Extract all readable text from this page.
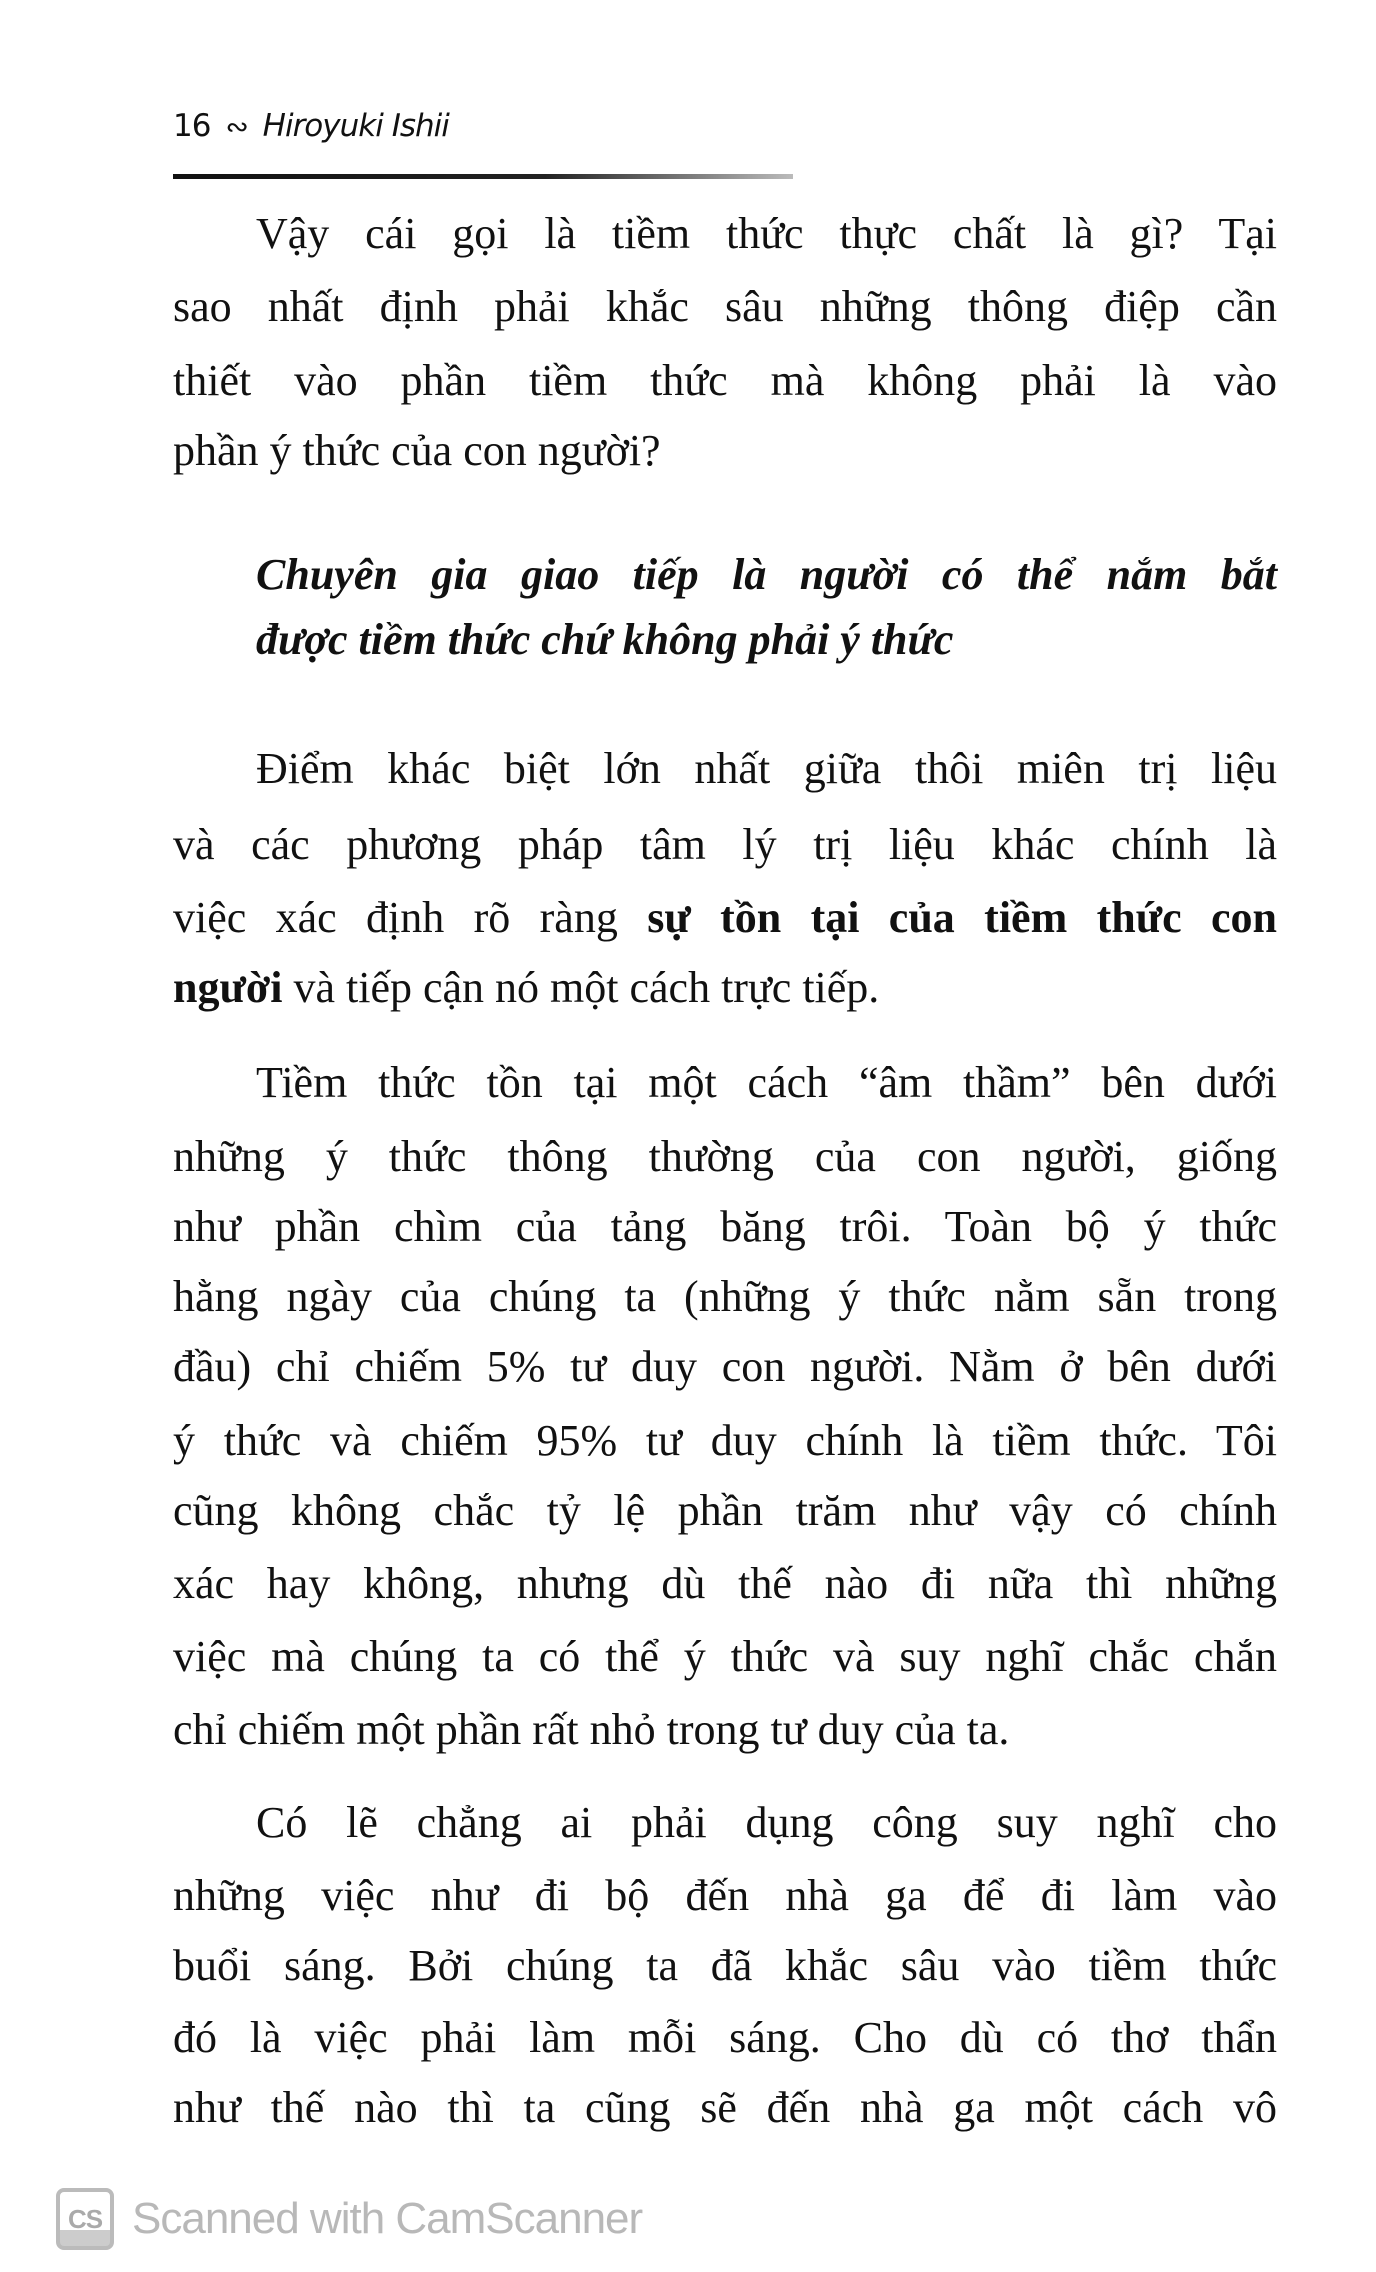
16 ∾ Hiroyuki Ishii
Vậy cái gọi là tiềm thức thực chất là gì? Tại
sao nhất định phải khắc sâu những thông điệp cần
thiết vào phần tiềm thức mà không phải là vào
phần ý thức của con người?
Chuyên gia giao tiếp là người có thể nắm bắt
được tiềm thức chứ không phải ý thức
Điểm khác biệt lớn nhất giữa thôi miên trị liệu
và các phương pháp tâm lý trị liệu khác chính là
việc xác định rõ ràng sự tồn tại của tiềm thức con
người và tiếp cận nó một cách trực tiếp.
Tiềm thức tồn tại một cách “âm thầm” bên dưới
những ý thức thông thường của con người, giống
như phần chìm của tảng băng trôi. Toàn bộ ý thức
hằng ngày của chúng ta (những ý thức nằm sẵn trong
đầu) chỉ chiếm 5% tư duy con người. Nằm ở bên dưới
ý thức và chiếm 95% tư duy chính là tiềm thức. Tôi
cũng không chắc tỷ lệ phần trăm như vậy có chính
xác hay không, nhưng dù thế nào đi nữa thì những
việc mà chúng ta có thể ý thức và suy nghĩ chắc chắn
chỉ chiếm một phần rất nhỏ trong tư duy của ta.
Có lẽ chẳng ai phải dụng công suy nghĩ cho
những việc như đi bộ đến nhà ga để đi làm vào
buổi sáng. Bởi chúng ta đã khắc sâu vào tiềm thức
đó là việc phải làm mỗi sáng. Cho dù có thơ thẩn
như thế nào thì ta cũng sẽ đến nhà ga một cách vô
CS Scanned with CamScanner
